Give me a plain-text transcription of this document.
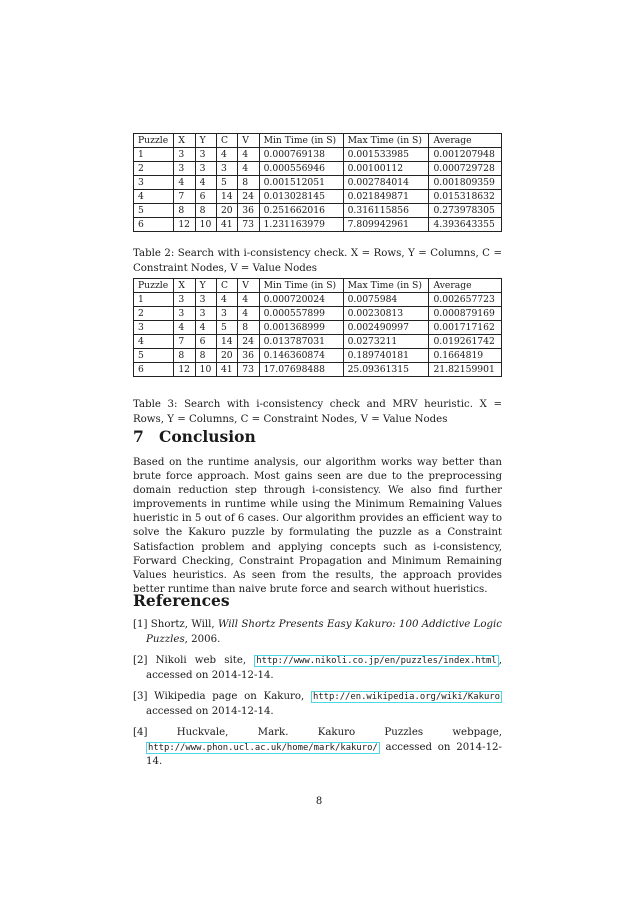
Puzzle	X	Y	C	V	Min Time (in S)	Max Time (in S)	Average
1	3	3	4	4	0.000769138	0.001533985	0.001207948
2	3	3	3	4	0.000556946	0.00100112	0.000729728
3	4	4	5	8	0.001512051	0.002784014	0.001809359
4	7	6	14	24	0.013028145	0.021849871	0.015318632
5	8	8	20	36	0.251662016	0.316115856	0.273978305
6	12	10	41	73	1.231163979	7.809942961	4.393643355

Table 2: Search with i-consistency check. X = Rows, Y = Columns, C = Constraint Nodes, V = Value Nodes

Puzzle	X	Y	C	V	Min Time (in S)	Max Time (in S)	Average
1	3	3	4	4	0.000720024	0.0075984	0.002657723
2	3	3	3	4	0.000557899	0.00230813	0.000879169
3	4	4	5	8	0.001368999	0.002490997	0.001717162
4	7	6	14	24	0.013787031	0.0273211	0.019261742
5	8	8	20	36	0.146360874	0.189740181	0.1664819
6	12	10	41	73	17.07698488	25.09361315	21.82159901

Table 3: Search with i-consistency check and MRV heuristic. X = Rows, Y = Columns, C = Constraint Nodes, V = Value Nodes

7 Conclusion

Based on the runtime analysis, our algorithm works way better than brute force approach. Most gains seen are due to the preprocessing domain reduction step through i-consistency. We also find further improvements in runtime while using the Minimum Remaining Values hueristic in 5 out of 6 cases. Our algorithm provides an efficient way to solve the Kakuro puzzle by formulating the puzzle as a Constraint Satisfaction problem and applying concepts such as i-consistency, Forward Checking, Constraint Propagation and Minimum Remaining Values heuristics. As seen from the results, the approach provides better runtime than naive brute force and search without hueristics.

References
[1] Shortz, Will, Will Shortz Presents Easy Kakuro: 100 Addictive Logic Puzzles, 2006.
[2] Nikoli web site, http://www.nikoli.co.jp/en/puzzles/index.html , accessed on 2014-12-14.
[3] Wikipedia page on Kakuro, http://en.wikipedia.org/wiki/Kakuro accessed on 2014-12-14.
[4]	Huckvale, Mark. Kakuro Puzzles webpage, http://www.phon.ucl.ac.uk/home/mark/kakuro/ accessed on 2014-12-14.
8
